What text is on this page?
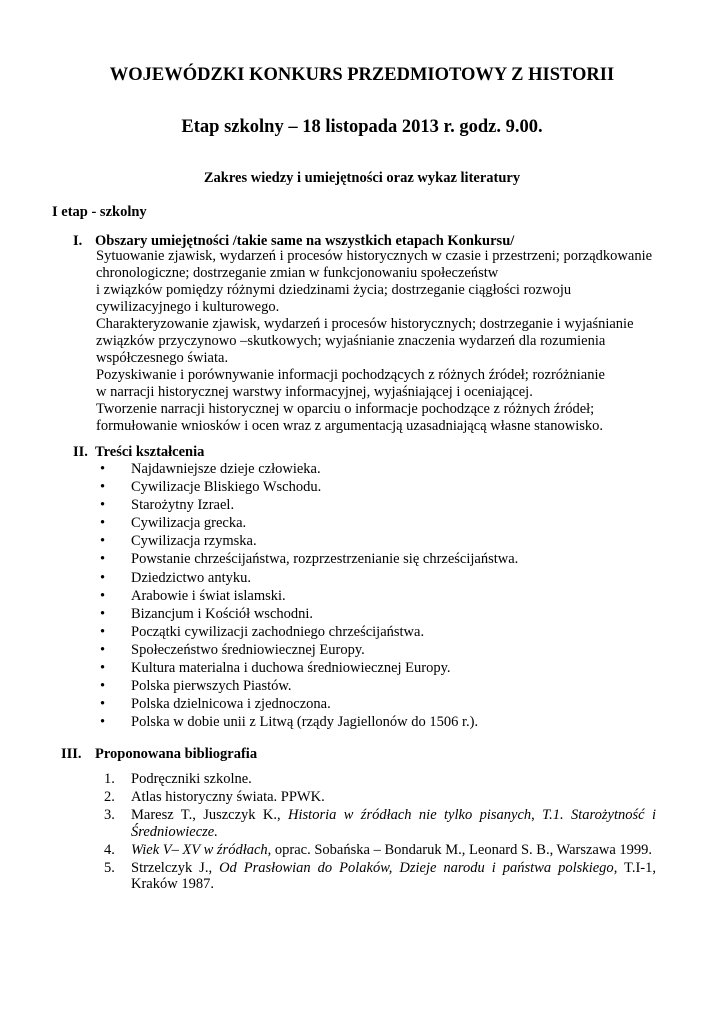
WOJEWÓDZKI KONKURS PRZEDMIOTOWY Z HISTORII
Etap szkolny – 18 listopada 2013 r. godz. 9.00.
Zakres wiedzy i umiejętności oraz wykaz literatury
I etap - szkolny
I. Obszary umiejętności /takie same na wszystkich etapach Konkursu/
Sytuowanie zjawisk, wydarzeń i procesów historycznych w czasie i przestrzeni; porządkowanie
chronologiczne; dostrzeganie zmian w funkcjonowaniu społeczeństw
i związków pomiędzy różnymi dziedzinami życia; dostrzeganie ciągłości rozwoju
cywilizacyjnego i kulturowego.
Charakteryzowanie zjawisk, wydarzeń i procesów historycznych; dostrzeganie i wyjaśnianie
związków przyczynowo –skutkowych; wyjaśnianie znaczenia wydarzeń dla rozumienia
współczesnego świata.
Pozyskiwanie i porównywanie informacji pochodzących z różnych źródeł; rozróżnianie
w narracji historycznej warstwy informacyjnej, wyjaśniającej i oceniającej.
Tworzenie narracji historycznej w oparciu o informacje pochodzące z różnych źródeł;
formułowanie wniosków i ocen wraz z argumentacją uzasadniającą własne stanowisko.
II. Treści kształcenia
• Najdawniejsze dzieje człowieka.
• Cywilizacje Bliskiego Wschodu.
• Starożytny Izrael.
• Cywilizacja grecka.
• Cywilizacja rzymska.
• Powstanie chrześcijaństwa, rozprzestrzenianie się chrześcijaństwa.
• Dziedzictwo antyku.
• Arabowie i świat islamski.
• Bizancjum i Kościół wschodni.
• Początki cywilizacji zachodniego chrześcijaństwa.
• Społeczeństwo średniowiecznej Europy.
• Kultura materialna i duchowa średniowiecznej Europy.
• Polska pierwszych Piastów.
• Polska dzielnicowa i zjednoczona.
• Polska w dobie unii z Litwą (rządy Jagiellonów do 1506 r.).
III. Proponowana bibliografia
1. Podręczniki szkolne.
2. Atlas historyczny świata. PPWK.
3. Maresz T., Juszczyk K., Historia w źródłach nie tylko pisanych, T.1. Starożytność i Średniowiecze.
4. Wiek V– XV w źródłach, oprac. Sobańska – Bondaruk M., Leonard S. B., Warszawa 1999.
5. Strzelczyk J., Od Prasłowian do Polaków, Dzieje narodu i państwa polskiego, T.I-1, Kraków 1987.
